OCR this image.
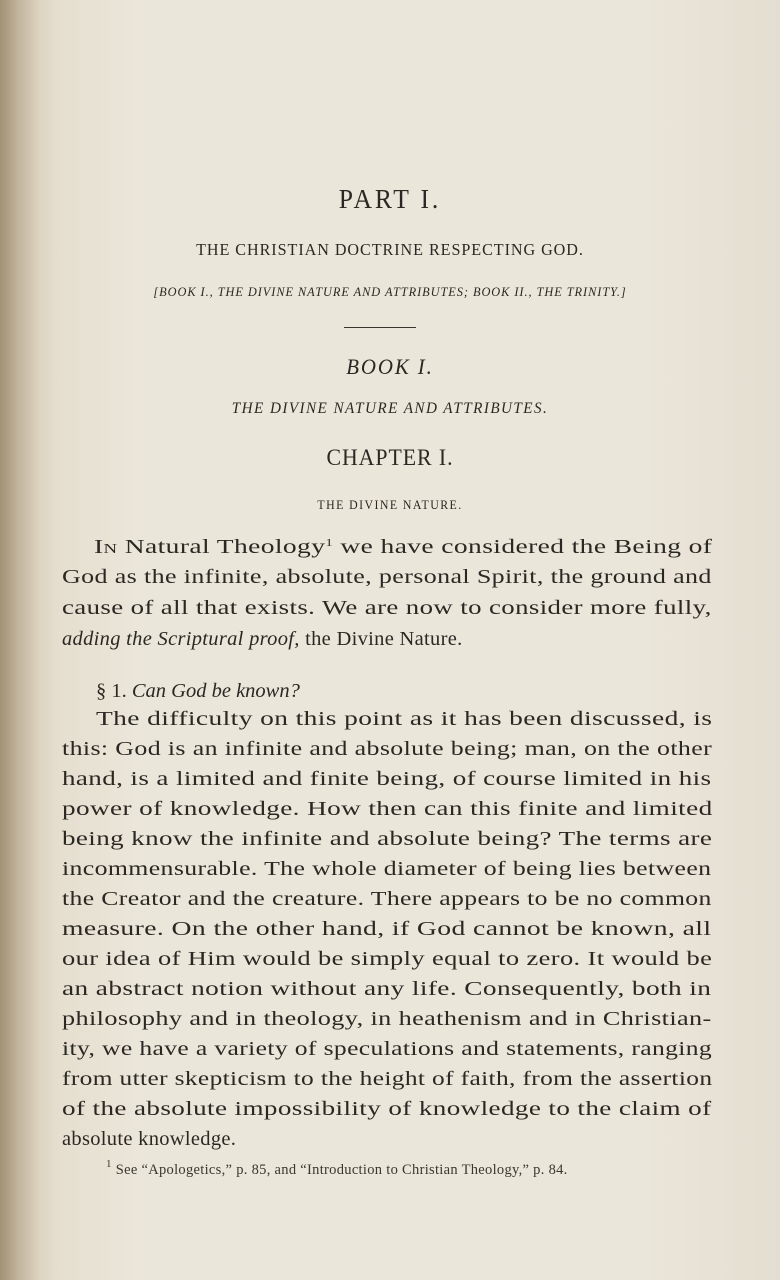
PART I.
THE CHRISTIAN DOCTRINE RESPECTING GOD.
[BOOK I., THE DIVINE NATURE AND ATTRIBUTES; BOOK II., THE TRINITY.]
BOOK I.
THE DIVINE NATURE AND ATTRIBUTES.
CHAPTER I.
THE DIVINE NATURE.
In Natural Theology$^1$ we have considered the Being of
God as the infinite, absolute, personal Spirit, the ground and
cause of all that exists. We are now to consider more fully,
adding the Scriptural proof, the Divine Nature.
§ 1. Can God be known?
The difficulty on this point as it has been discussed, is
this: God is an infinite and absolute being; man, on the other
hand, is a limited and finite being, of course limited in his
power of knowledge. How then can this finite and limited
being know the infinite and absolute being? The terms are
incommensurable. The whole diameter of being lies between
the Creator and the creature. There appears to be no common
measure. On the other hand, if God cannot be known, all
our idea of Him would be simply equal to zero. It would be
an abstract notion without any life. Consequently, both in
philosophy and in theology, in heathenism and in Christian-
ity, we have a variety of speculations and statements, ranging
from utter skepticism to the height of faith, from the assertion
of the absolute impossibility of knowledge to the claim of
absolute knowledge.
$^1$ See “Apologetics,” p. 85, and “Introduction to Christian Theology,” p. 84.
